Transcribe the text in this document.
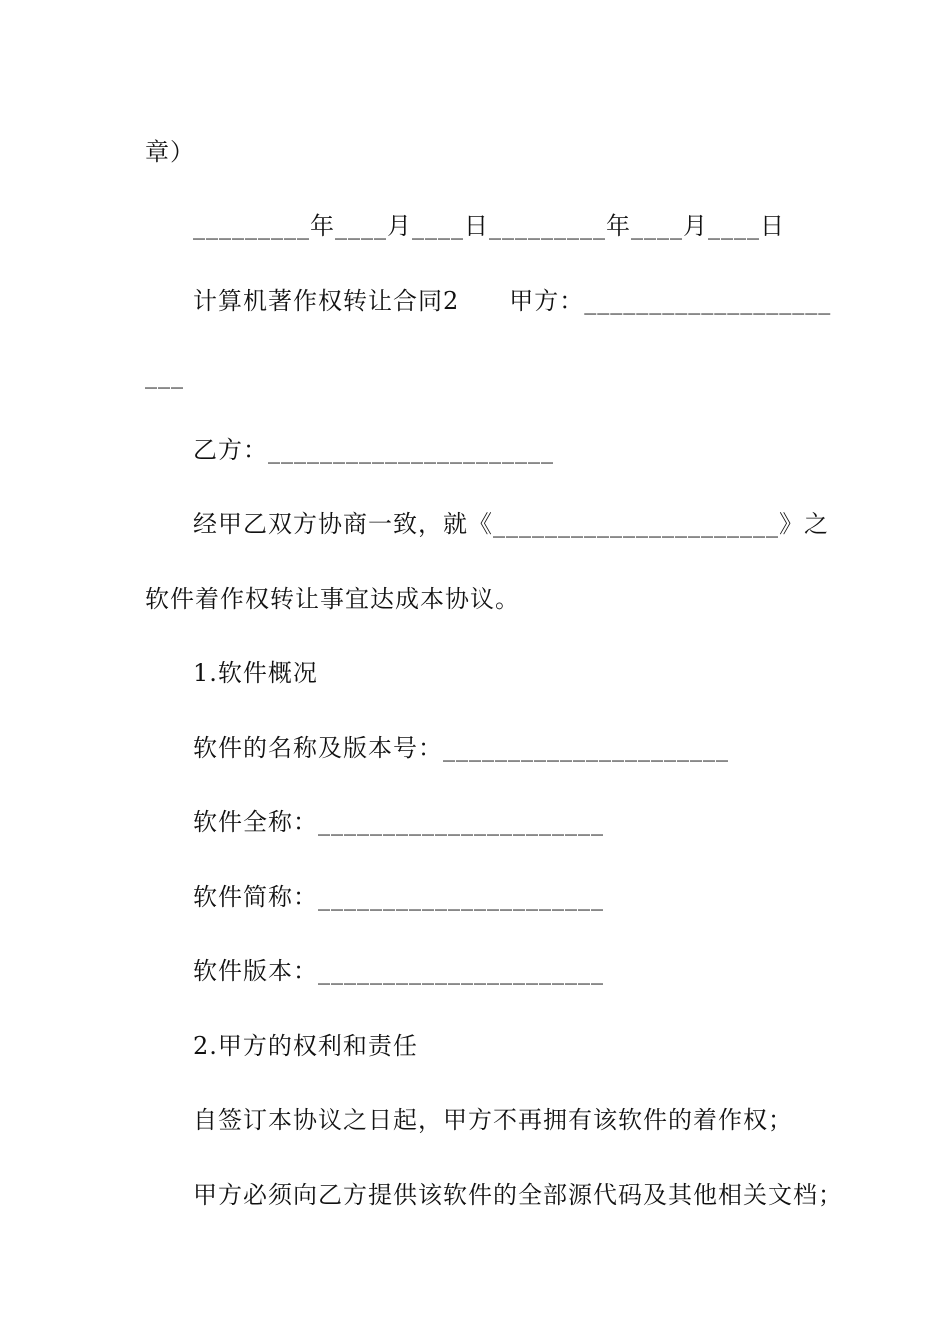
章）
_________年____月____日_________年____月____日
计算机著作权转让合同2　　甲方：___________________
___
乙方：______________________
经甲乙双方协商一致，就《______________________》之
软件着作权转让事宜达成本协议。
1.软件概况
软件的名称及版本号：______________________
软件全称：______________________
软件简称：______________________
软件版本：______________________
2.甲方的权利和责任
自签订本协议之日起，甲方不再拥有该软件的着作权；
甲方必须向乙方提供该软件的全部源代码及其他相关文档；
